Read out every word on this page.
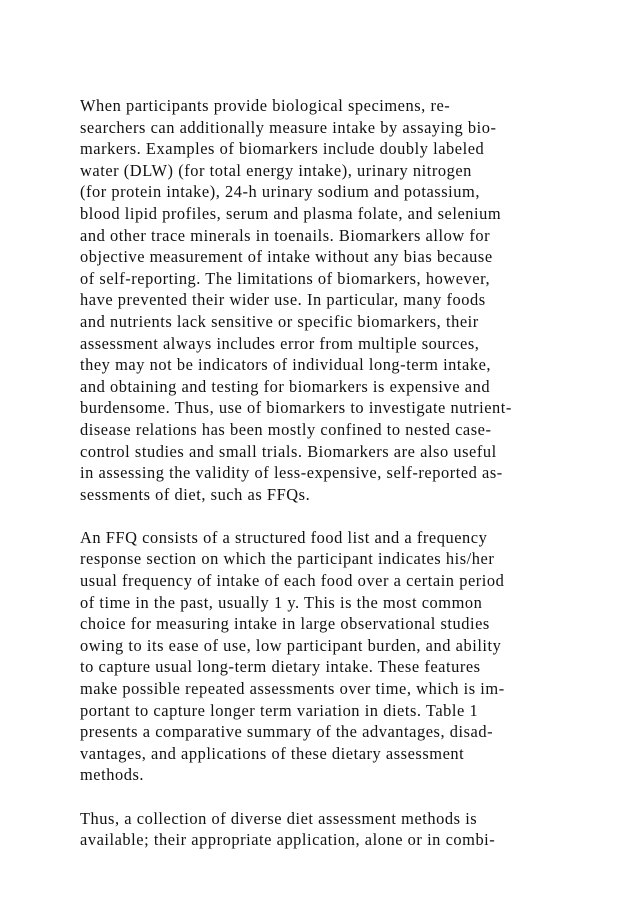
When participants provide biological specimens, re-
searchers can additionally measure intake by assaying bio-
markers. Examples of biomarkers include doubly labeled
water (DLW) (for total energy intake), urinary nitrogen
(for protein intake), 24-h urinary sodium and potassium,
blood lipid profiles, serum and plasma folate, and selenium
and other trace minerals in toenails. Biomarkers allow for
objective measurement of intake without any bias because
of self-reporting. The limitations of biomarkers, however,
have prevented their wider use. In particular, many foods
and nutrients lack sensitive or specific biomarkers, their
assessment always includes error from multiple sources,
they may not be indicators of individual long-term intake,
and obtaining and testing for biomarkers is expensive and
burdensome. Thus, use of biomarkers to investigate nutrient-
disease relations has been mostly confined to nested case-
control studies and small trials. Biomarkers are also useful
in assessing the validity of less-expensive, self-reported as-
sessments of diet, such as FFQs.
An FFQ consists of a structured food list and a frequency
response section on which the participant indicates his/her
usual frequency of intake of each food over a certain period
of time in the past, usually 1 y. This is the most common
choice for measuring intake in large observational studies
owing to its ease of use, low participant burden, and ability
to capture usual long-term dietary intake. These features
make possible repeated assessments over time, which is im-
portant to capture longer term variation in diets. Table 1
presents a comparative summary of the advantages, disad-
vantages, and applications of these dietary assessment
methods.
Thus, a collection of diverse diet assessment methods is
available; their appropriate application, alone or in combi-
